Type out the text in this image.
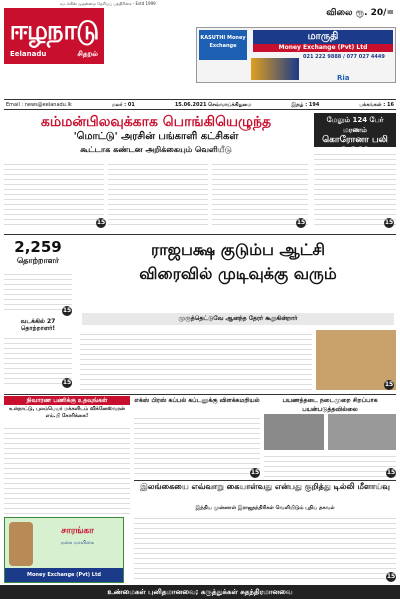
வடக்கின் முதன்மை தேசியப் பத்திரிகை - Estd 1999
ஈழநாடு
Eelanadu	சிதறல்
விலை ரூ. 20/=
KASUTHI Money Exchange
மாருதி
Money Exchange (Pvt) Ltd
021 222 9888 / 077 027 4449
Ria
Email : news@eelanadu.lk	மலர் : 01	15.06.2021 செவ்வாய்க்கிழமை	இதழ் : 194	பக்கங்கள் : 16
கம்மன்பிலவுக்காக பொங்கியெழுந்த
'மொட்டு' அரசின் பங்காளி கட்சிகள்
கூட்டாக கண்டன அறிக்கையும் வெளியீடு
15	15
மேலும் 124 பேர் மரணம்
கொரோனா பலி
15
2,259
தொற்றாளர்
15
ராஜபக்ஷ குடும்ப ஆட்சி
விரைவில் முடிவுக்கு வரும்
முருத்தெட்டுவே ஆனந்த தேரர் கூறுகின்றார்
15
வடக்கில் 27 தொற்றாளர்!
15
நிவாரண பணிக்கு உதவுங்கள்
உள்நாட்டு, புலம்பெயர் மக்களிடம் விக்னேஸ்வரன் எம்.பி கோரிக்கை!
எக்ஸ் பிரஸ் கப்பல் கப்டனுக்கு விளக்கமறியல்
15
பயணத்தடை நடைமுறை சிறப்பாக பயன்படுத்தவில்லை
15
இலங்கையை எவ்வாறு கையாள்வது என்பது குறித்து டில்லி மீளாய்வு
இந்திய முன்னாள் இராஜதந்திரிகள் வெளியிடும் புதிய தகவல்
15
சாரங்கா
நகை மாளிகை
Money Exchange (Pvt) Ltd
உண்மைகள் புனிதமானவை; கருத்துக்கள் சுதந்திரமானவை
